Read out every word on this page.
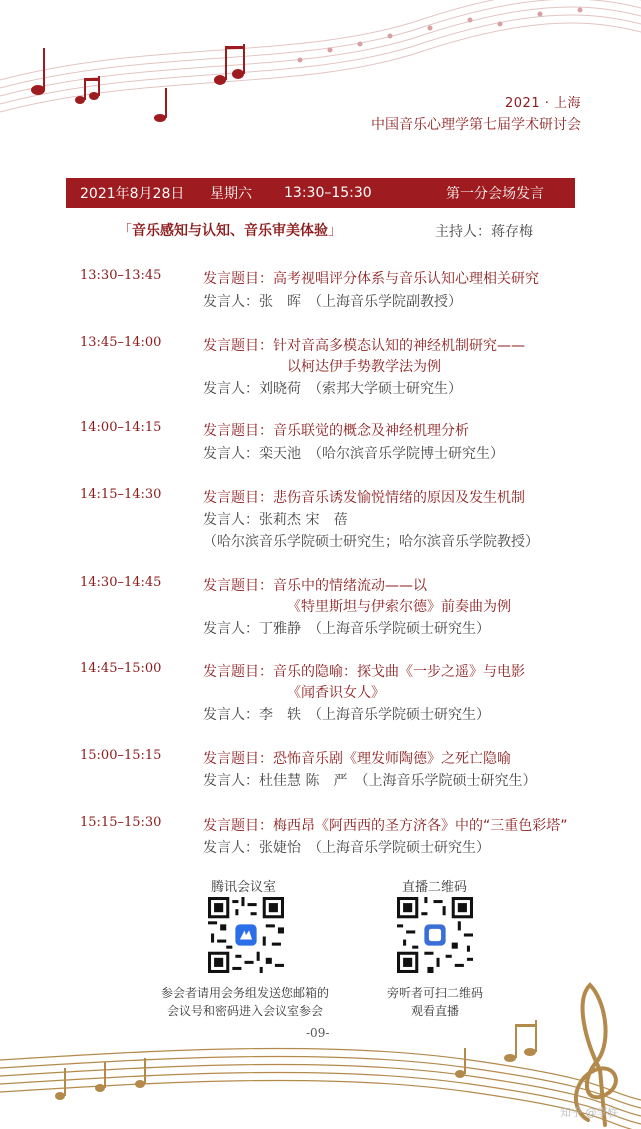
2021 · 上海
中国音乐心理学第七届学术研讨会
2021年8月28日 星期六 13:30–15:30	第一分会场发言
「音乐感知与认知、音乐审美体验」	主持人：蒋存梅
13:30–13:45	发言题目：高考视唱评分体系与音乐认知心理相关研究
发言人：张　晖　（上海音乐学院副教授）
13:45–14:00	发言题目：针对音高多模态认知的神经机制研究——
以柯达伊手势教学法为例
发言人：刘晓荷　（索邦大学硕士研究生）
14:00–14:15	发言题目：音乐联觉的概念及神经机理分析
发言人：栾天池　（哈尔滨音乐学院博士研究生）
14:15–14:30	发言题目：悲伤音乐诱发愉悦情绪的原因及发生机制
发言人：张莉杰 宋　蓓
（哈尔滨音乐学院硕士研究生；哈尔滨音乐学院教授）
14:30–14:45	发言题目：音乐中的情绪流动——以
《特里斯坦与伊索尔德》前奏曲为例
发言人：丁雅静　（上海音乐学院硕士研究生）
14:45–15:00	发言题目：音乐的隐喻：探戈曲《一步之遥》与电影
《闻香识女人》
发言人：李　轶　（上海音乐学院硕士研究生）
15:00–15:15	发言题目：恐怖音乐剧《理发师陶德》之死亡隐喻
发言人：杜佳慧 陈　严　（上海音乐学院硕士研究生）
15:15–15:30	发言题目：梅西昂《阿西西的圣方济各》中的“三重色彩塔”
发言人：张婕怡　（上海音乐学院硕士研究生）
腾讯会议室	直播二维码
参会者请用会务组发送您邮箱的
会议号和密码进入会议室参会
旁听者可扫二维码
观看直播
-09-
知乎 @李轶
